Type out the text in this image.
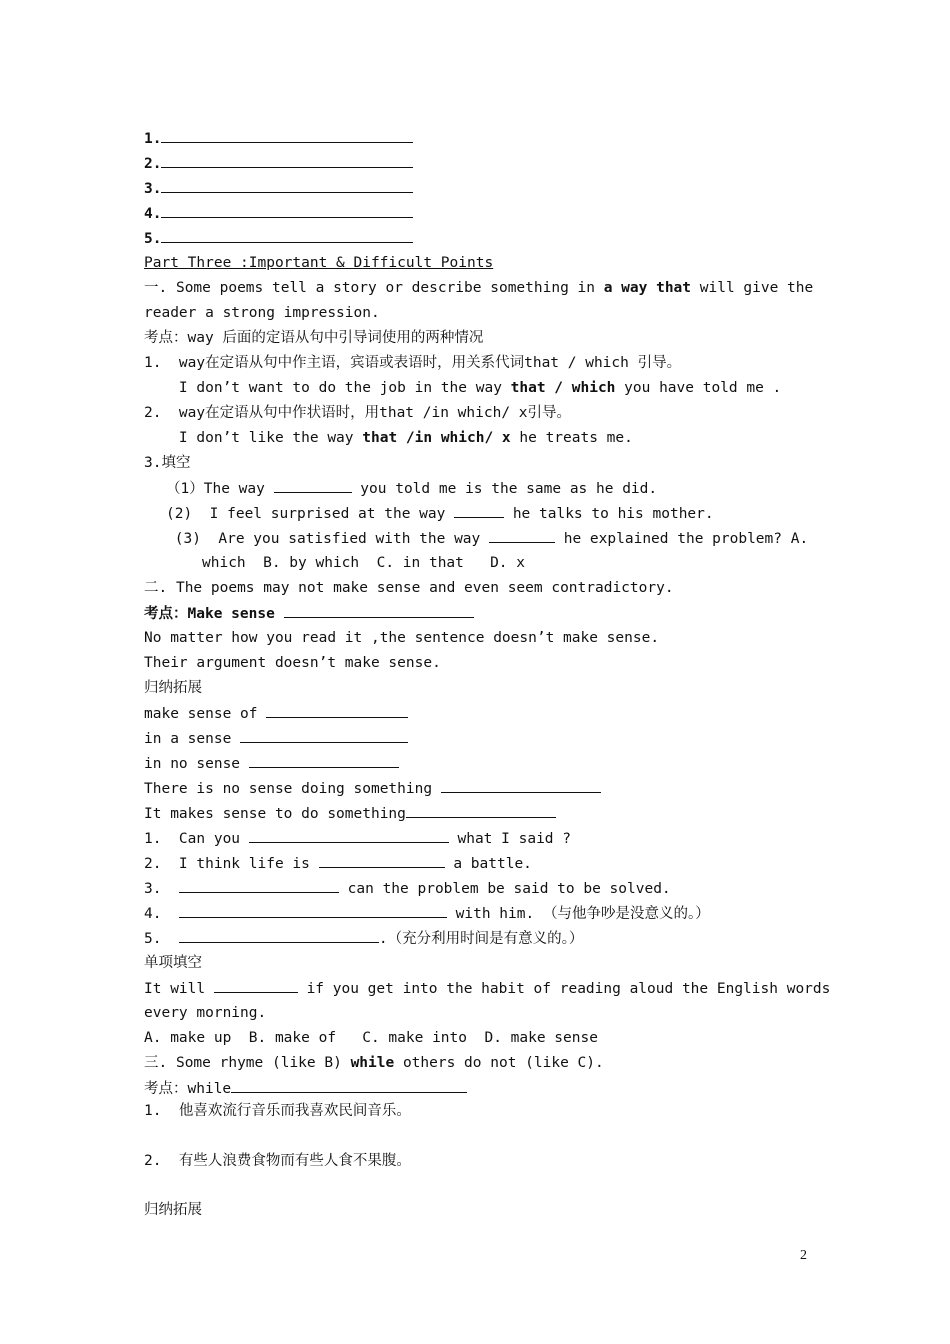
1.
2.
3.
4.
5.
Part Three :Important & Difficult Points
一. Some poems tell a story or describe something in a way that will give the
reader a strong impression.
考点：way 后面的定语从句中引导词使用的两种情况
1.  way在定语从句中作主语，宾语或表语时，用关系代词that / which 引导。
I don’t want to do the job in the way that / which you have told me .
2.  way在定语从句中作状语时，用that /in which/ x引导。
I don’t like the way that /in which/ x he treats me.
3.填空
（1）The way	you told me is the same as he did.
(2)  I feel surprised at the way	he talks to his mother.
(3)  Are you satisfied with the way	he explained the problem? A.
which  B. by which  C. in that   D. x
二. The poems may not make sense and even seem contradictory.
考点：Make sense
No matter how you read it ,the sentence doesn’t make sense.
Their argument doesn’t make sense.
归纳拓展
make sense of
in a sense
in no sense
There is no sense doing something
It makes sense to do something
1.  Can you	what I said ?
2.  I think life is	a battle.
3.	can the problem be said to be solved.
4.	with him. （与他争吵是没意义的。）
5.	.（充分利用时间是有意义的。）
单项填空
It will	if you get into the habit of reading aloud the English words
every morning.
A. make up  B. make of   C. make into  D. make sense
三. Some rhyme (like B) while others do not (like C).
考点：while
1.  他喜欢流行音乐而我喜欢民间音乐。
2.  有些人浪费食物而有些人食不果腹。
归纳拓展
2
